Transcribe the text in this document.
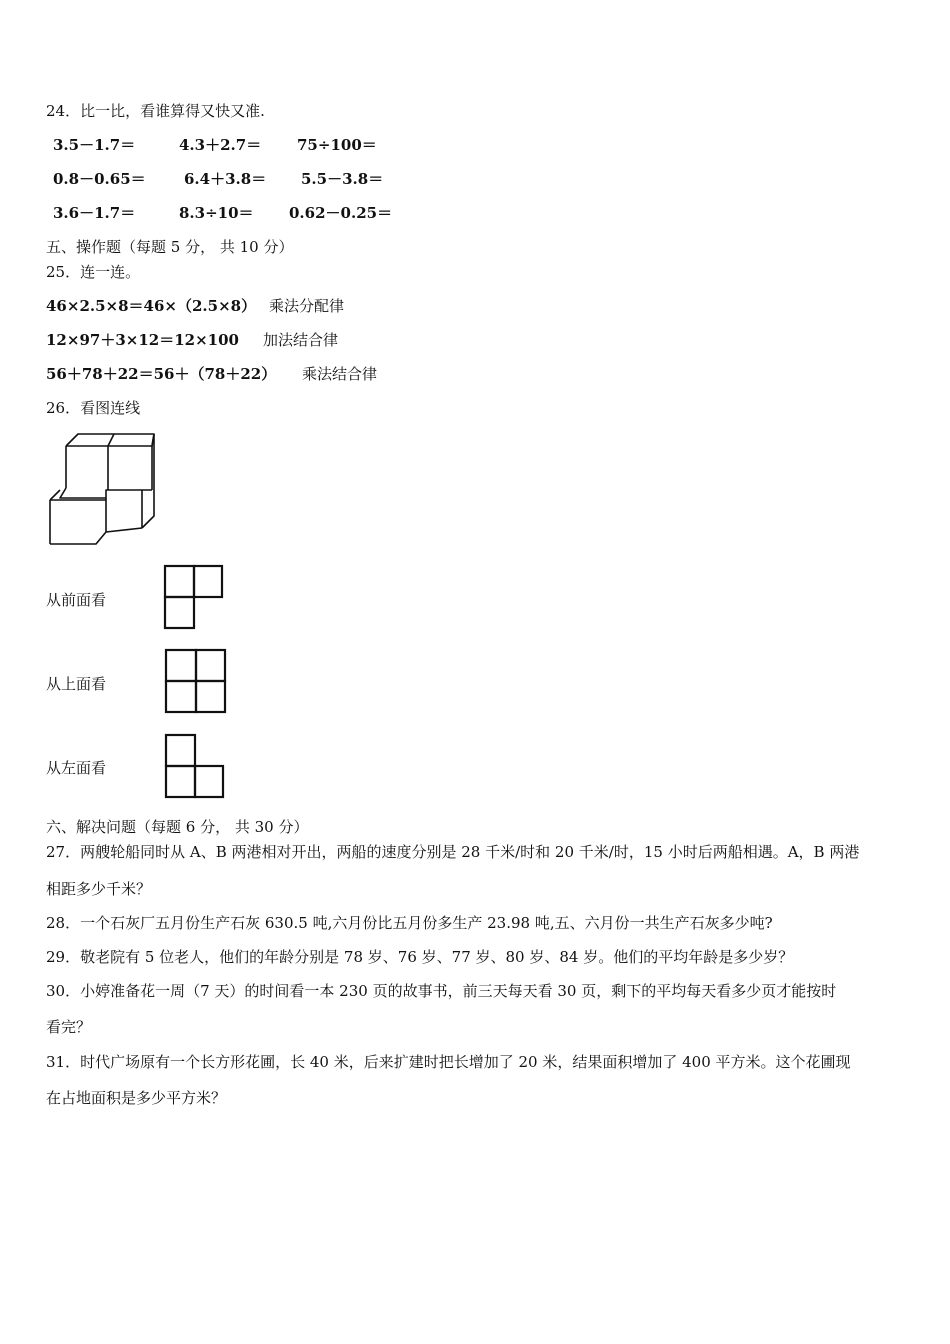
24．比一比，看谁算得又快又准.
3.5－1.7＝	4.3＋2.7＝ 75÷100＝
0.8－0.65＝	6.4＋3.8＝ 5.5－3.8＝
3.6－1.7＝	8.3÷10＝ 0.62－0.25＝
五、操作题（每题 5 分， 共 10 分）
25．连一连。
46×2.5×8＝46×（2.5×8） 乘法分配律
12×97＋3×12＝12×100 加法结合律
56＋78＋22＝56＋（78＋22） 乘法结合律
26．看图连线
从前面看
从上面看
从左面看
六、解决问题（每题 6 分， 共 30 分）
27．两艘轮船同时从 A、B 两港相对开出，两船的速度分别是 28 千米/时和 20 千米/时，15 小时后两船相遇。A，B 两港
相距多少千米？
28．一个石灰厂五月份生产石灰 630.5 吨,六月份比五月份多生产 23.98 吨,五、六月份一共生产石灰多少吨?
29．敬老院有 5 位老人，他们的年龄分别是 78 岁、76 岁、77 岁、80 岁、84 岁。他们的平均年龄是多少岁？
30．小婷准备花一周（7 天）的时间看一本 230 页的故事书，前三天每天看 30 页，剩下的平均每天看多少页才能按时
看完？
31．时代广场原有一个长方形花圃，长 40 米，后来扩建时把长增加了 20 米，结果面积增加了 400 平方米。这个花圃现
在占地面积是多少平方米？
